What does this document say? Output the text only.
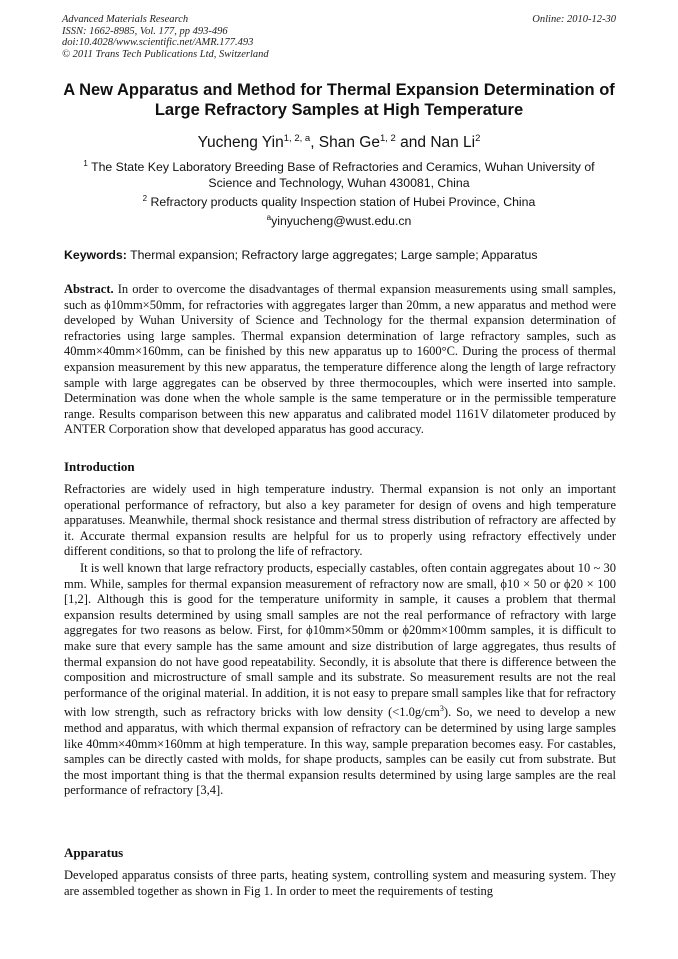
Advanced Materials Research
ISSN: 1662-8985, Vol. 177, pp 493-496
doi:10.4028/www.scientific.net/AMR.177.493
© 2011 Trans Tech Publications Ltd, Switzerland
Online: 2010-12-30
A New Apparatus and Method for Thermal Expansion Determination of Large Refractory Samples at High Temperature
Yucheng Yin$^{1, 2, a}$, Shan Ge$^{1, 2}$ and Nan Li$^2$
$^1$ The State Key Laboratory Breeding Base of Refractories and Ceramics, Wuhan University of Science and Technology, Wuhan 430081, China
$^2$ Refractory products quality Inspection station of Hubei Province, China
$^a$yinyucheng@wust.edu.cn
Keywords: Thermal expansion; Refractory large aggregates; Large sample; Apparatus
Abstract. In order to overcome the disadvantages of thermal expansion measurements using small samples, such as ϕ10mm×50mm, for refractories with aggregates larger than 20mm, a new apparatus and method were developed by Wuhan University of Science and Technology for the thermal expansion determination of refractories using large samples. Thermal expansion determination of large refractory samples, such as 40mm×40mm×160mm, can be finished by this new apparatus up to 1600°C. During the process of thermal expansion measurement by this new apparatus, the temperature difference along the length of large refractory sample with large aggregates can be observed by three thermocouples, which were inserted into sample. Determination was done when the whole sample is the same temperature or in the permissible temperature range. Results comparison between this new apparatus and calibrated model 1161V dilatometer produced by ANTER Corporation show that developed apparatus has good accuracy.
Introduction
Refractories are widely used in high temperature industry. Thermal expansion is not only an important operational performance of refractory, but also a key parameter for design of ovens and high temperature apparatuses. Meanwhile, thermal shock resistance and thermal stress distribution of refractory are affected by it. Accurate thermal expansion results are helpful for us to properly using refractory effectively under different conditions, so that to prolong the life of refractory.
It is well known that large refractory products, especially castables, often contain aggregates about 10 ~ 30 mm. While, samples for thermal expansion measurement of refractory now are small, ϕ10 × 50 or ϕ20 × 100 [1,2]. Although this is good for the temperature uniformity in sample, it causes a problem that thermal expansion results determined by using small samples are not the real performance of refractory with large aggregates for two reasons as below. First, for ϕ10mm×50mm or ϕ20mm×100mm samples, it is difficult to make sure that every sample has the same amount and size distribution of large aggregates, thus results of thermal expansion do not have good repeatability. Secondly, it is absolute that there is difference between the composition and microstructure of small sample and its substrate. So measurement results are not the real performance of the original material. In addition, it is not easy to prepare small samples like that for refractory with low strength, such as refractory bricks with low density $(<1.0g/cm^3)$. So, we need to develop a new method and apparatus, with which thermal expansion of refractory can be determined by using large samples like 40mm×40mm×160mm at high temperature. In this way, sample preparation becomes easy. For castables, samples can be directly casted with molds, for shape products, samples can be easily cut from substrate. But the most important thing is that the thermal expansion results determined by using large samples are the real performance of refractory [3,4].
Apparatus
Developed apparatus consists of three parts, heating system, controlling system and measuring system. They are assembled together as shown in Fig 1. In order to meet the requirements of testing
